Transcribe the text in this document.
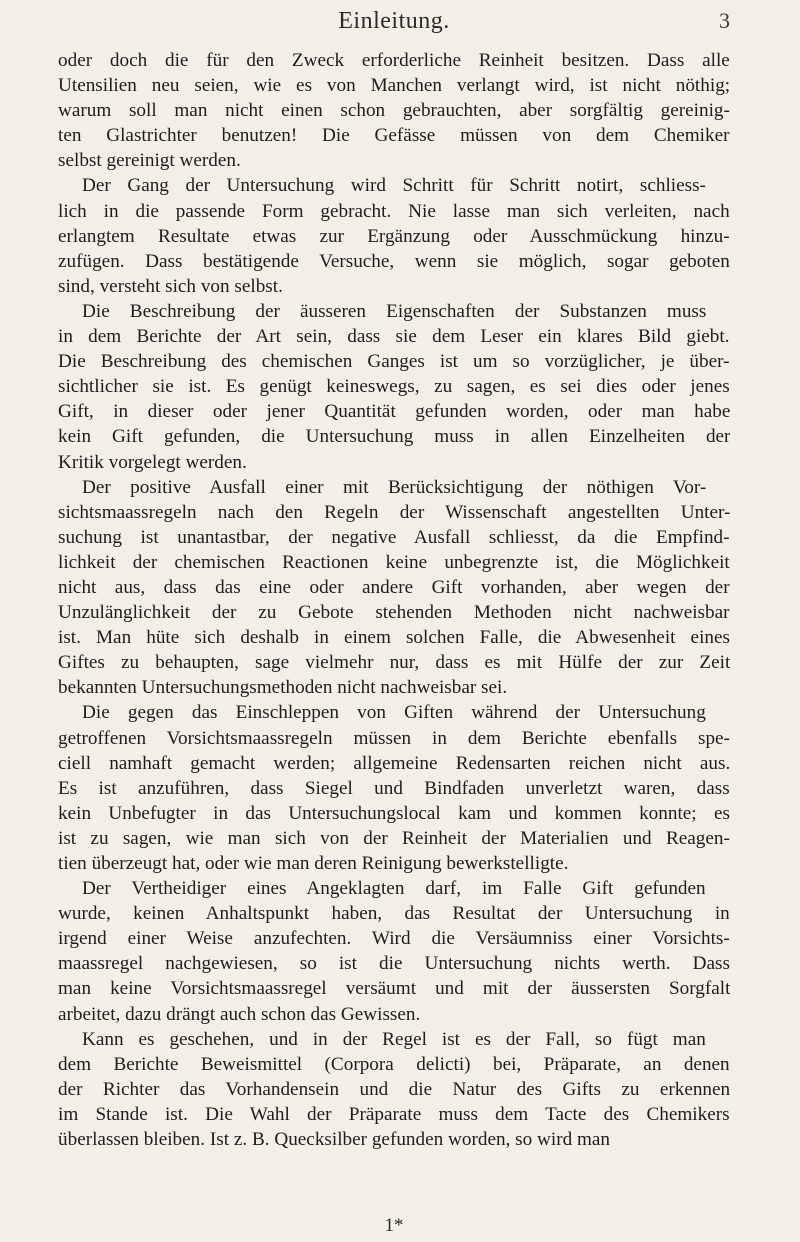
Einleitung.	3

oder doch die für den Zweck erforderliche Reinheit besitzen. Dass alle
Utensilien neu seien, wie es von Manchen verlangt wird, ist nicht nöthig;
warum soll man nicht einen schon gebrauchten, aber sorgfältig gereinig-
ten Glastrichter benutzen! Die Gefässe müssen von dem Chemiker
selbst gereinigt werden.

Der Gang der Untersuchung wird Schritt für Schritt notirt, schliess-
lich in die passende Form gebracht. Nie lasse man sich verleiten, nach
erlangtem Resultate etwas zur Ergänzung oder Ausschmückung hinzu-
zufügen. Dass bestätigende Versuche, wenn sie möglich, sogar geboten
sind, versteht sich von selbst.

Die Beschreibung der äusseren Eigenschaften der Substanzen muss
in dem Berichte der Art sein, dass sie dem Leser ein klares Bild giebt.
Die Beschreibung des chemischen Ganges ist um so vorzüglicher, je über-
sichtlicher sie ist. Es genügt keineswegs, zu sagen, es sei dies oder jenes
Gift, in dieser oder jener Quantität gefunden worden, oder man habe
kein Gift gefunden, die Untersuchung muss in allen Einzelheiten der
Kritik vorgelegt werden.

Der positive Ausfall einer mit Berücksichtigung der nöthigen Vor-
sichtsmaassregeln nach den Regeln der Wissenschaft angestellten Unter-
suchung ist unantastbar, der negative Ausfall schliesst, da die Empfind-
lichkeit der chemischen Reactionen keine unbegrenzte ist, die Möglichkeit
nicht aus, dass das eine oder andere Gift vorhanden, aber wegen der
Unzulänglichkeit der zu Gebote stehenden Methoden nicht nachweisbar
ist. Man hüte sich deshalb in einem solchen Falle, die Abwesenheit eines
Giftes zu behaupten, sage vielmehr nur, dass es mit Hülfe der zur Zeit
bekannten Untersuchungsmethoden nicht nachweisbar sei.

Die gegen das Einschleppen von Giften während der Untersuchung
getroffenen Vorsichtsmaassregeln müssen in dem Berichte ebenfalls spe-
ciell namhaft gemacht werden; allgemeine Redensarten reichen nicht aus.
Es ist anzuführen, dass Siegel und Bindfaden unverletzt waren, dass
kein Unbefugter in das Untersuchungslocal kam und kommen konnte; es
ist zu sagen, wie man sich von der Reinheit der Materialien und Reagen-
tien überzeugt hat, oder wie man deren Reinigung bewerkstelligte.

Der Vertheidiger eines Angeklagten darf, im Falle Gift gefunden
wurde, keinen Anhaltspunkt haben, das Resultat der Untersuchung in
irgend einer Weise anzufechten. Wird die Versäumniss einer Vorsichts-
maassregel nachgewiesen, so ist die Untersuchung nichts werth. Dass
man keine Vorsichtsmaassregel versäumt und mit der äussersten Sorgfalt
arbeitet, dazu drängt auch schon das Gewissen.

Kann es geschehen, und in der Regel ist es der Fall, so fügt man
dem Berichte Beweismittel (Corpora delicti) bei, Präparate, an denen
der Richter das Vorhandensein und die Natur des Gifts zu erkennen
im Stande ist. Die Wahl der Präparate muss dem Tacte des Chemikers
überlassen bleiben. Ist z. B. Quecksilber gefunden worden, so wird man

1*
